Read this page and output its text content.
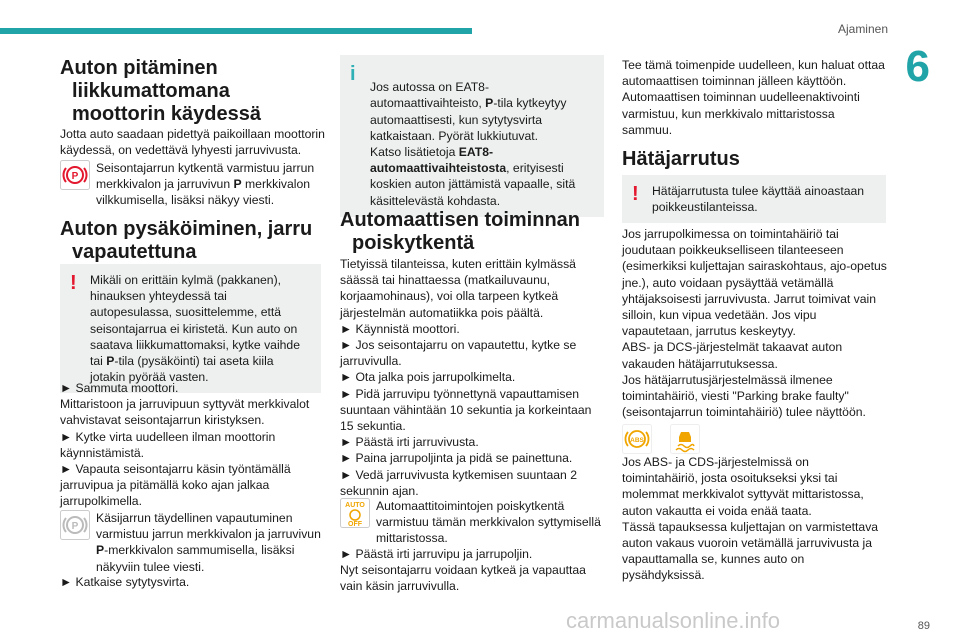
Ajaminen
6
Auton pitäminen liikkumattomana moottorin käydessä

Jotta auto saadaan pidettyä paikoillaan moottorin käydessä, on vedettävä lyhyesti jarruvivusta.

P
Seisontajarrun kytkentä varmistuu jarrun merkkivalon ja jarruvivun P merkkivalon vilkkumisella, lisäksi näkyy viesti.
Auton pysäköiminen, jarru vapautettuna
! Mikäli on erittäin kylmä (pakkanen), hinauksen yhteydessä tai autopesulassa, suosittelemme, että seisontajarrua ei kiristetä. Kun auto on saatava liikkumattomaksi, kytke vaihde tai P-tila (pysäköinti) tai aseta kiila jotakin pyörää vasten.

► Sammuta moottori.
Mittaristoon ja jarruvipuun syttyvät merkkivalot vahvistavat seisontajarrun kiristyksen.
► Kytke virta uudelleen ilman moottorin käynnistämistä.
► Vapauta seisontajarru käsin työntämällä jarruvipua ja pitämällä koko ajan jalkaa jarrupolkimella.

P
Käsijarrun täydellinen vapautuminen varmistuu jarrun merkkivalon ja jarruvivun P-merkkivalon sammumisella, lisäksi näkyviin tulee viesti.

► Katkaise sytytysvirta.

i
Jos autossa on EAT8-automaattivaihteisto, P-tila kytkeytyy automaattisesti, kun sytytysvirta katkaistaan. Pyörät lukkiutuvat.
Katso lisätietoja EAT8-automaattivaihteistosta, erityisesti koskien auton jättämistä vapaalle, sitä käsittelevästä kohdasta.

Automaattisen toiminnan poiskytkentä

Tietyissä tilanteissa, kuten erittäin kylmässä säässä tai hinattaessa (matkailuvaunu, korjaamohinaus), voi olla tarpeen kytkeä järjestelmän automatiikka pois päältä.
► Käynnistä moottori.
► Jos seisontajarru on vapautettu, kytke se jarruvivulla.
► Ota jalka pois jarrupolkimelta.
► Pidä jarruvipu työnnettynä vapauttamisen suuntaan vähintään 10 sekuntia ja korkeintaan 15 sekuntia.
► Päästä irti jarruvivusta.
► Paina jarrupoljinta ja pidä se painettuna.
► Vedä jarruvivusta kytkemisen suuntaan 2 sekunnin ajan.

AUTO
OFF
Automaattitoimintojen poiskytkentä varmistuu tämän merkkivalon syttymisellä mittaristossa.

► Päästä irti jarruvipu ja jarrupoljin.
Nyt seisontajarru voidaan kytkeä ja vapauttaa vain käsin jarruvivulla.

Tee tämä toimenpide uudelleen, kun haluat ottaa automaattisen toiminnan jälleen käyttöön.
Automaattisen toiminnan uudelleenaktivointi varmistuu, kun merkkivalo mittaristossa sammuu.

Hätäjarrutus
! Hätäjarrutusta tulee käyttää ainoastaan poikkeustilanteissa.

Jos jarrupolkimessa on toimintahäiriö tai joudutaan poikkeukselliseen tilanteeseen (esimerkiksi kuljettajan sairaskohtaus, ajo-opetus jne.), auto voidaan pysäyttää vetämällä yhtäjaksoisesti jarruvivusta. Jarrut toimivat vain silloin, kun vipua vedetään. Jos vipu vapautetaan, jarrutus keskeytyy.
ABS- ja DCS-järjestelmät takaavat auton vakauden hätäjarrutuksessa.
Jos hätäjarrutusjärjestelmässä ilmenee toimintahäiriö, viesti "Parking brake faulty" (seisontajarrun toimintahäiriö) tulee näyttöön.

ABS

Jos ABS- ja CDS-järjestelmissä on toimintahäiriö, josta osoitukseksi yksi tai molemmat merkkivalot syttyvät mittaristossa, auton vakautta ei voida enää taata.
Tässä tapauksessa kuljettajan on varmistettava auton vakaus vuoroin vetämällä jarruvivusta ja vapauttamalla se, kunnes auto on pysähdyksissä.

carmanualsonline.info	89
